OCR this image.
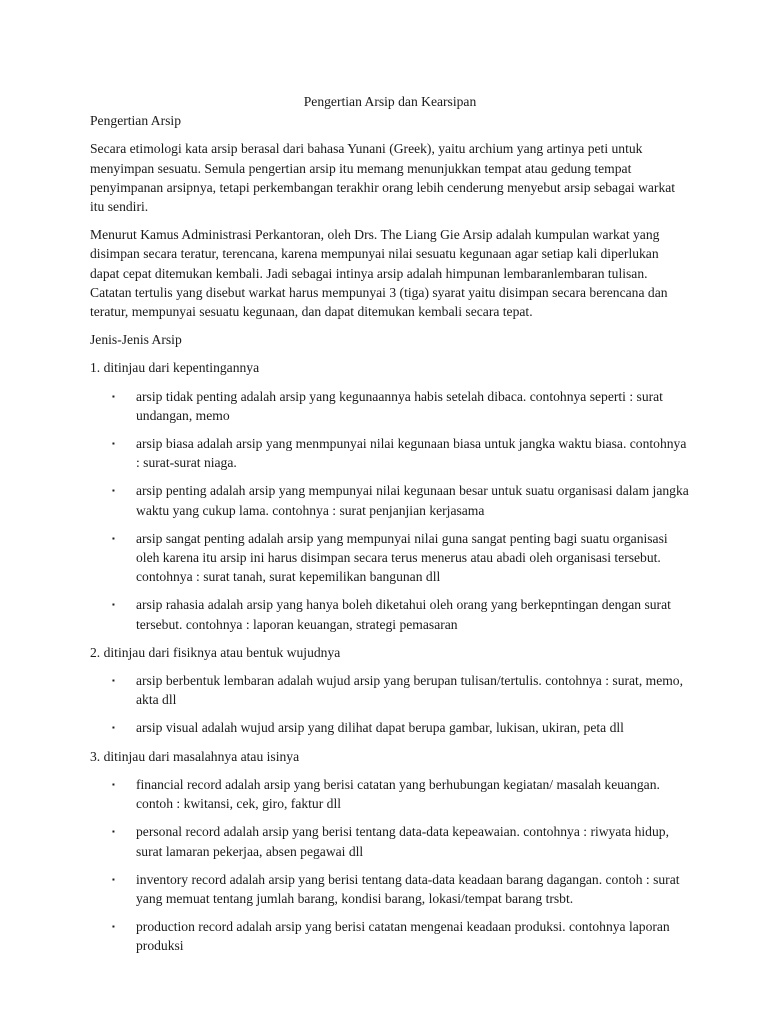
Pengertian Arsip dan Kearsipan

Pengertian Arsip

Secara etimologi kata arsip berasal dari bahasa Yunani (Greek), yaitu archium yang artinya peti untuk menyimpan sesuatu. Semula pengertian arsip itu memang menunjukkan tempat atau gedung tempat penyimpanan arsipnya, tetapi perkembangan terakhir orang lebih cenderung menyebut arsip sebagai warkat itu sendiri.

Menurut Kamus Administrasi Perkantoran, oleh Drs. The Liang Gie Arsip adalah kumpulan warkat yang disimpan secara teratur, terencana, karena mempunyai nilai sesuatu kegunaan agar setiap kali diperlukan dapat cepat ditemukan kembali. Jadi sebagai intinya arsip adalah himpunan lembaranlembaran tulisan. Catatan tertulis yang disebut warkat harus mempunyai 3 (tiga) syarat yaitu disimpan secara berencana dan teratur, mempunyai sesuatu kegunaan, dan dapat ditemukan kembali secara tepat.

Jenis-Jenis Arsip

1. ditinjau dari kepentingannya

▪ arsip tidak penting adalah arsip yang kegunaannya habis setelah dibaca. contohnya seperti : surat undangan, memo
▪ arsip biasa adalah arsip yang menmpunyai nilai kegunaan biasa untuk jangka waktu biasa. contohnya : surat-surat niaga.
▪ arsip penting adalah arsip yang mempunyai nilai kegunaan besar untuk suatu organisasi dalam jangka waktu yang cukup lama. contohnya : surat penjanjian kerjasama
▪ arsip sangat penting adalah arsip yang mempunyai nilai guna sangat penting bagi suatu organisasi oleh karena itu arsip ini harus disimpan secara terus menerus atau abadi oleh organisasi tersebut. contohnya : surat tanah, surat kepemilikan bangunan dll
▪ arsip rahasia adalah arsip yang hanya boleh diketahui oleh orang yang berkepntingan dengan surat tersebut. contohnya : laporan keuangan, strategi pemasaran

2. ditinjau dari fisiknya atau bentuk wujudnya

▪ arsip berbentuk lembaran adalah wujud arsip yang berupan tulisan/tertulis. contohnya : surat, memo, akta dll
▪ arsip visual adalah wujud arsip yang dilihat dapat berupa gambar, lukisan, ukiran, peta dll

3. ditinjau dari masalahnya atau isinya

▪ financial record adalah arsip yang berisi catatan yang berhubungan kegiatan/ masalah keuangan. contoh : kwitansi, cek, giro, faktur dll
▪ personal record adalah arsip yang berisi tentang data-data kepeawaian. contohnya : riwyata hidup, surat lamaran pekerjaa, absen pegawai dll
▪ inventory record adalah arsip yang berisi tentang data-data keadaan barang dagangan. contoh : surat yang memuat tentang jumlah barang, kondisi barang, lokasi/tempat barang trsbt.
▪ production record adalah arsip yang berisi catatan mengenai keadaan produksi. contohnya laporan produksi
